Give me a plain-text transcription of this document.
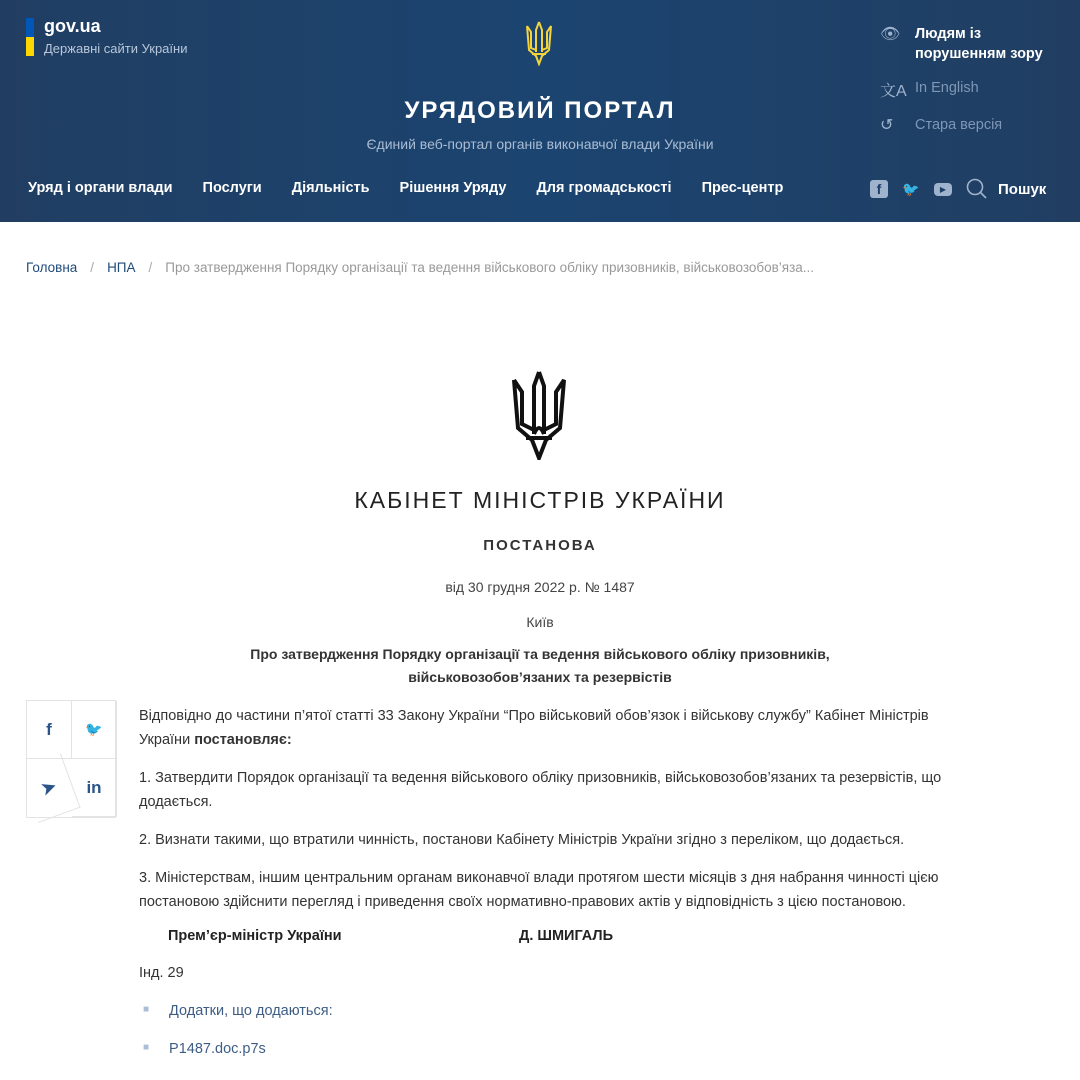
gov.ua
Державні сайти України
УРЯДОВИЙ ПОРТАЛ
Єдиний веб-портал органів виконавчої влади України
Уряд і органи влади Послуги Діяльність Рішення Уряду Для громадськості Прес-центр
👁	Людям із порушенням зору
文A In English
↺	Стара версія
f	🐦	▶	Пошук
Головна / НПА / Про затвердження Порядку організації та ведення військового обліку призовників, військовозобов’яза...
КАБІНЕТ МІНІСТРІВ УКРАЇНИ
ПОСТАНОВА
від 30 грудня 2022 р. № 1487
Київ
Про затвердження Порядку організації та ведення військового обліку призовників,
військовозобов’язаних та резервістів
f	🐦
➤	in

Відповідно до частини п’ятої статті 33 Закону України “Про військовий обов’язок і військову службу” Кабінет Міністрів України постановляє:

1. Затвердити Порядок організації та ведення військового обліку призовників, військовозобов’язаних та резервістів, що додається.

2. Визнати такими, що втратили чинність, постанови Кабінету Міністрів України згідно з переліком, що додається.

3. Міністерствам, іншим центральним органам виконавчої влади протягом шести місяців з дня набрання чинності цією постановою здійснити перегляд і приведення своїх нормативно-правових актів у відповідність з цією постановою.

Прем’єр-міністр України	Д. ШМИГАЛЬ
Інд. 29
■ Додатки, що додаються:
■ P1487.doc.p7s
